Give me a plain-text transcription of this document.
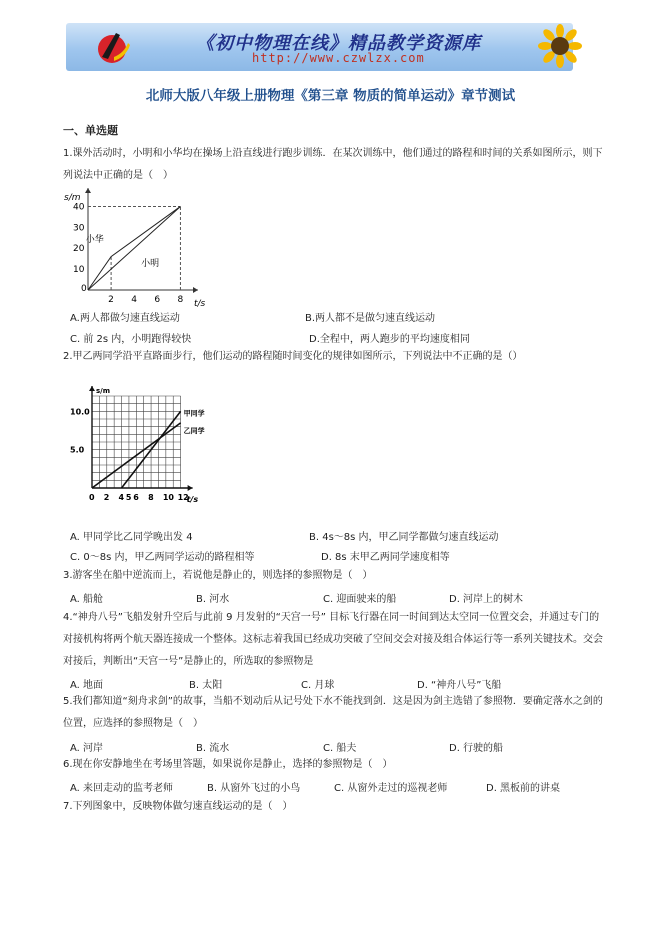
《初中物理在线》精品教学资源库
http://www.czwlzx.com
北师大版八年级上册物理《第三章 物质的简单运动》章节测试
一、单选题
1.课外活动时，小明和小华均在操场上沿直线进行跑步训练．在某次训练中，他们通过的路程和时间的关系如图所示，则下列说法中正确的是（　）
s/m
t/s
0
2 4 6 8
10
20
30
40
小华
小明
A.两人都做匀速直线运动	B.两人都不是做匀速直线运动
C. 前 2s 内，小明跑得较快	D.全程中，两人跑步的平均速度相同
2.甲乙两同学沿平直路面步行，他们运动的路程随时间变化的规律如图所示，下列说法中不正确的是（）
s/m
t/s
0 2 4 5 6 8 10 12
5.0
10.0	甲同学
乙同学
A. 甲同学比乙同学晚出发 4	B. 4s～8s 内，甲乙同学都做匀速直线运动
C. 0～8s 内，甲乙两同学运动的路程相等	D. 8s 末甲乙两同学速度相等
3.游客坐在船中逆流而上，若说他是静止的，则选择的参照物是（　）
A. 船舱	B. 河水	C. 迎面驶来的船	D. 河岸上的树木
4.“神舟八号”飞船发射升空后与此前 9 月发射的“天宫一号” 目标飞行器在同一时间到达太空同一位置交会，并通过专门的对接机构将两个航天器连接成一个整体。这标志着我国已经成功突破了空间交会对接及组合体运行等一系列关键技术。交会对接后，判断出“天宫一号”是静止的，所选取的参照物是
A. 地面	B. 太阳	C. 月球	D. “神舟八号”飞船
5.我们都知道“刻舟求剑”的故事，当船不划动后从记号处下水不能找到剑．这是因为剑主选错了参照物．要确定落水之剑的位置，应选择的参照物是（　）
A. 河岸	B. 流水	C. 船夫	D. 行驶的船
6.现在你安静地坐在考场里答题，如果说你是静止，选择的参照物是（　）
A. 来回走动的监考老师	B. 从窗外飞过的小鸟	C. 从窗外走过的巡视老师	D. 黑板前的讲桌
7.下列图象中，反映物体做匀速直线运动的是（　）
